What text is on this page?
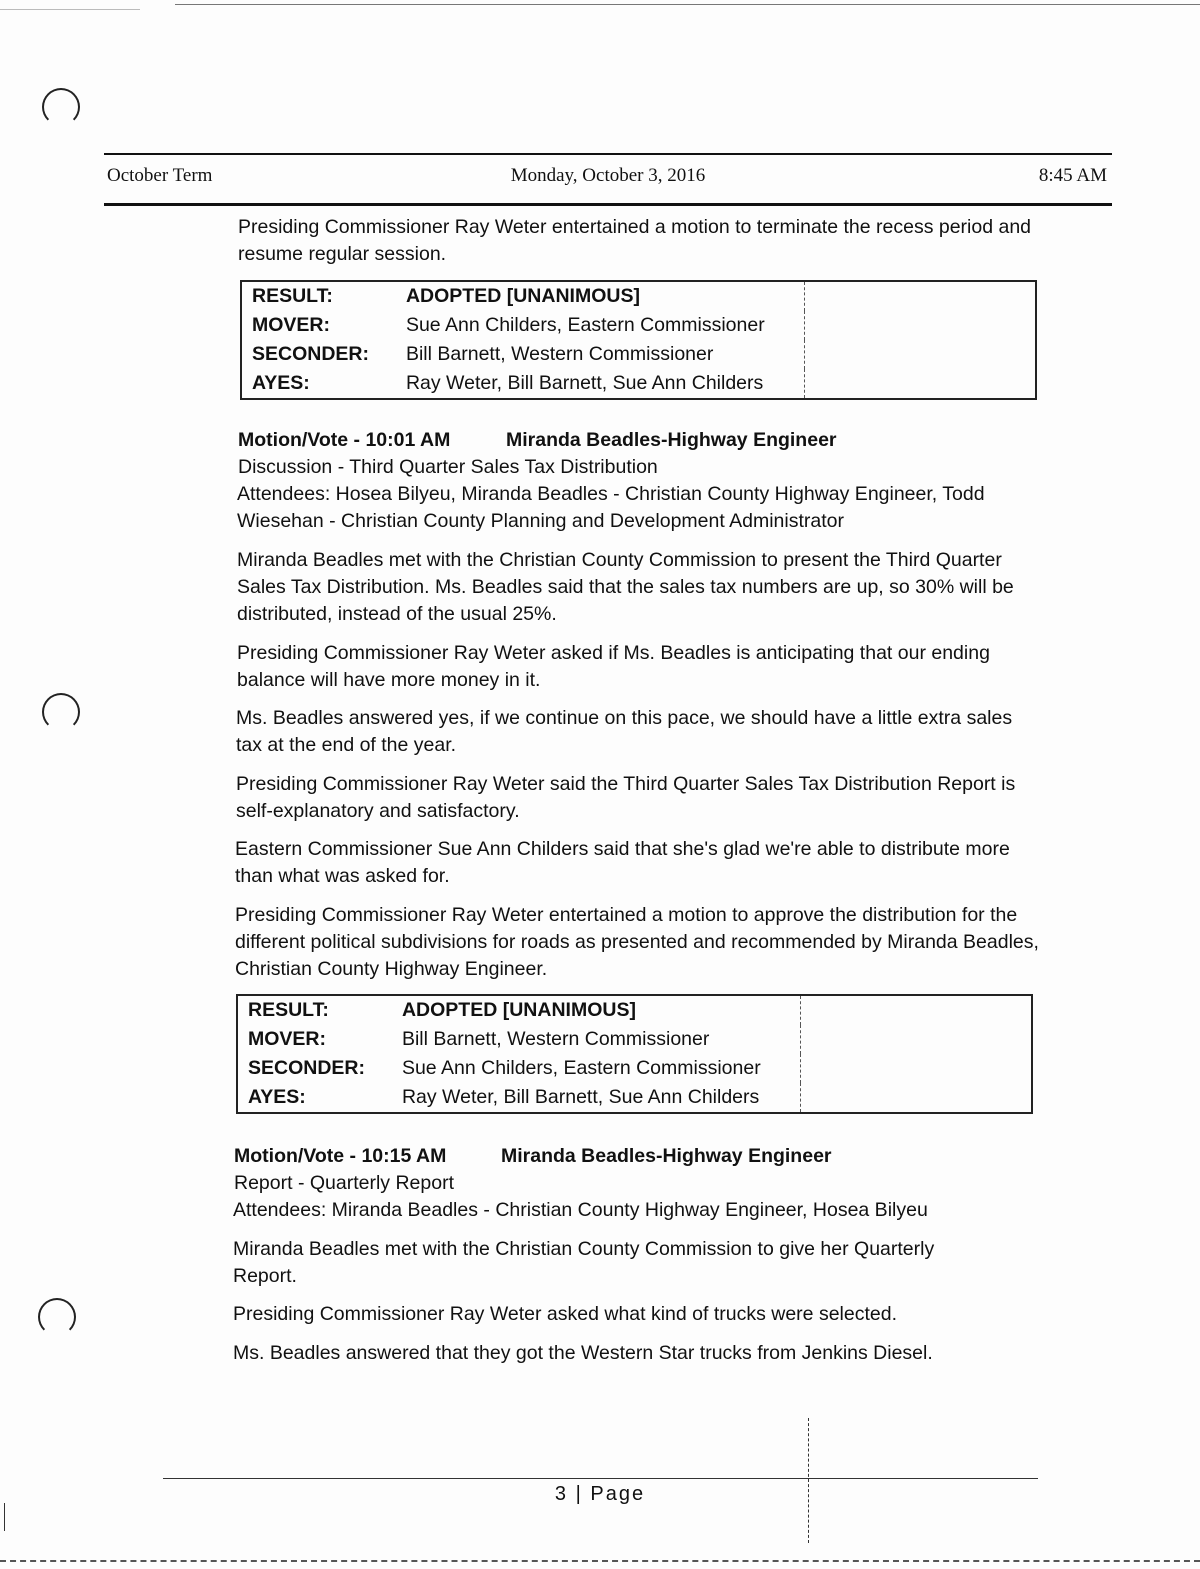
October Term	Monday, October 3, 2016	8:45 AM

Presiding Commissioner Ray Weter entertained a motion to terminate the recess period and resume regular session.

RESULT:	ADOPTED [UNANIMOUS]	
MOVER:	Sue Ann Childers, Eastern Commissioner	
SECONDER:	Bill Barnett, Western Commissioner	
AYES:	Ray Weter, Bill Barnett, Sue Ann Childers	
Motion/Vote - 10:01 AM	Miranda Beadles-Highway Engineer
Discussion - Third Quarter Sales Tax Distribution

Attendees: Hosea Bilyeu, Miranda Beadles - Christian County Highway Engineer, Todd Wiesehan - Christian County Planning and Development Administrator

Miranda Beadles met with the Christian County Commission to present the Third Quarter Sales Tax Distribution. Ms. Beadles said that the sales tax numbers are up, so 30% will be distributed, instead of the usual 25%.

Presiding Commissioner Ray Weter asked if Ms. Beadles is anticipating that our ending balance will have more money in it.

Ms. Beadles answered yes, if we continue on this pace, we should have a little extra sales tax at the end of the year.

Presiding Commissioner Ray Weter said the Third Quarter Sales Tax Distribution Report is self-explanatory and satisfactory.

Eastern Commissioner Sue Ann Childers said that she's glad we're able to distribute more than what was asked for.

Presiding Commissioner Ray Weter entertained a motion to approve the distribution for the different political subdivisions for roads as presented and recommended by Miranda Beadles, Christian County Highway Engineer.

RESULT:	ADOPTED [UNANIMOUS]	
MOVER:	Bill Barnett, Western Commissioner	
SECONDER:	Sue Ann Childers, Eastern Commissioner	
AYES:	Ray Weter, Bill Barnett, Sue Ann Childers	
Motion/Vote - 10:15 AM	Miranda Beadles-Highway Engineer
Report - Quarterly Report
Attendees: Miranda Beadles - Christian County Highway Engineer, Hosea Bilyeu

Miranda Beadles met with the Christian County Commission to give her Quarterly Report.

Presiding Commissioner Ray Weter asked what kind of trucks were selected.

Ms. Beadles answered that they got the Western Star trucks from Jenkins Diesel.

3 | Page
